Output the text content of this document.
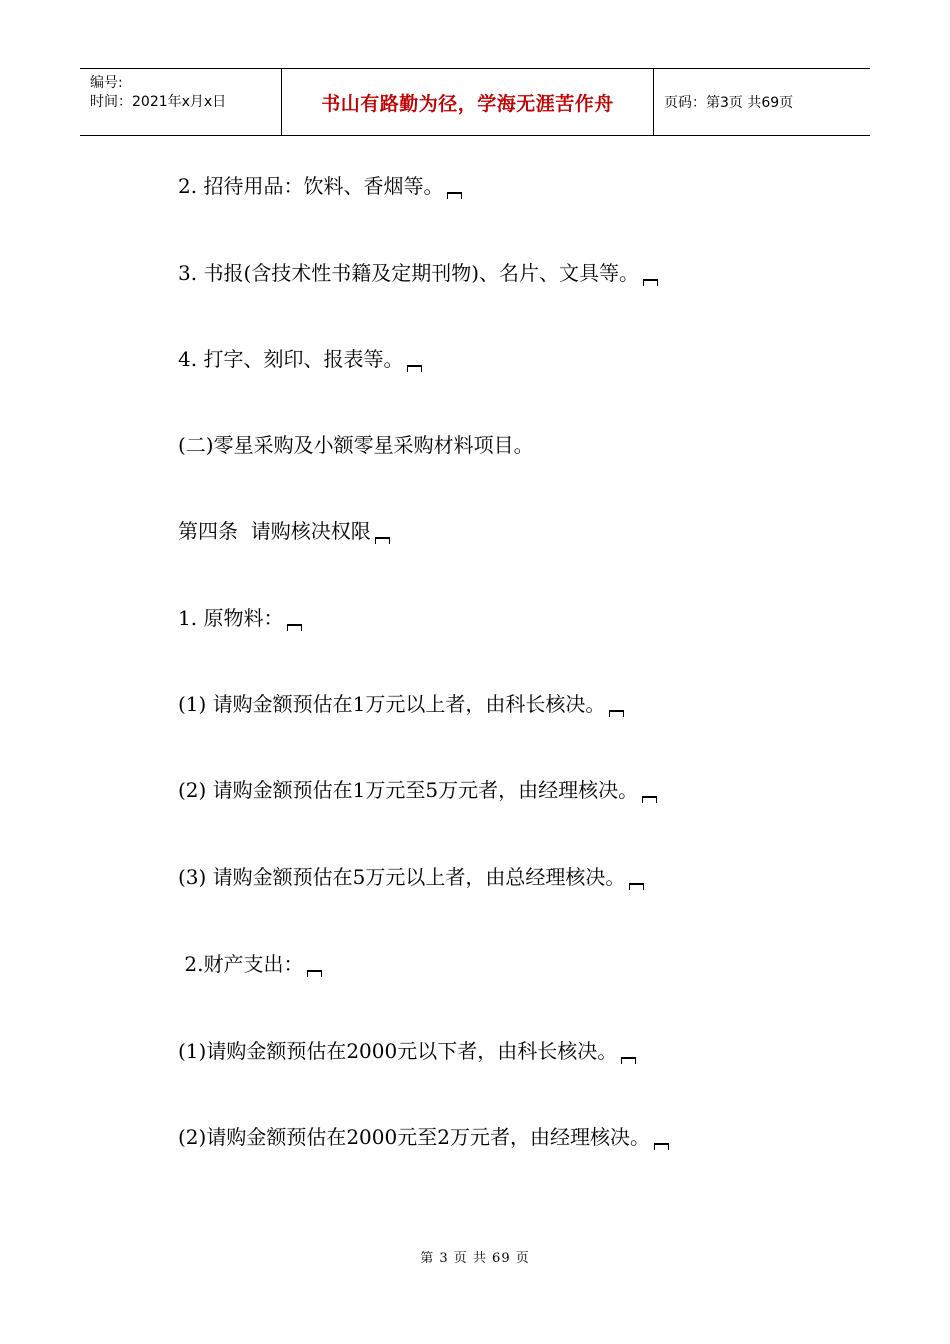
编号:
时间：2021年x月x日	书山有路勤为径，学海无涯苦作舟	页码：第3页 共69页
2. 招待用品：饮料、香烟等。
3. 书报(含技术性书籍及定期刊物)、名片、文具等。
4. 打字、刻印、报表等。
(二)零星采购及小额零星采购材料项目。
第四条  请购核决权限
1. 原物料：
(1) 请购金额预估在1万元以上者，由科长核决。
(2) 请购金额预估在1万元至5万元者，由经理核决。
(3) 请购金额预估在5万元以上者，由总经理核决。
2.财产支出：
(1)请购金额预估在2000元以下者，由科长核决。
(2)请购金额预估在2000元至2万元者，由经理核决。
第 3 页 共 69 页
